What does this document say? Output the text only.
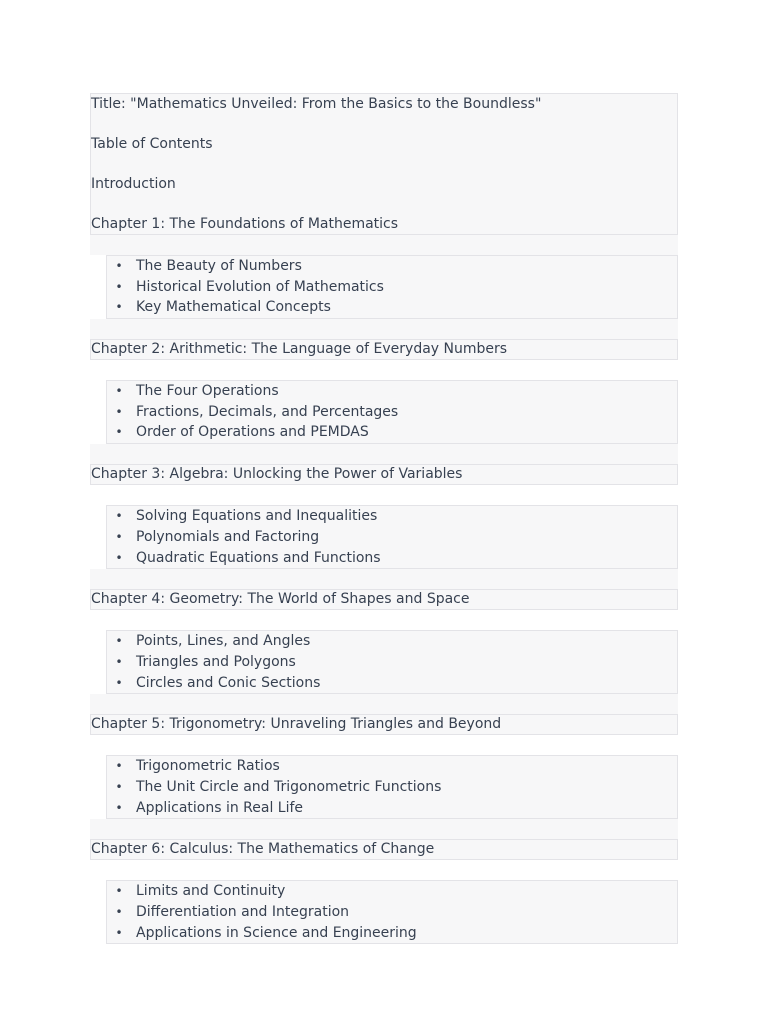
Title: "Mathematics Unveiled: From the Basics to the Boundless"

Table of Contents

Introduction

Chapter 1: The Foundations of Mathematics

• The Beauty of Numbers
• Historical Evolution of Mathematics
• Key Mathematical Concepts
Chapter 2: Arithmetic: The Language of Everyday Numbers
• The Four Operations
• Fractions, Decimals, and Percentages
• Order of Operations and PEMDAS
Chapter 3: Algebra: Unlocking the Power of Variables
• Solving Equations and Inequalities
• Polynomials and Factoring
• Quadratic Equations and Functions
Chapter 4: Geometry: The World of Shapes and Space
• Points, Lines, and Angles
• Triangles and Polygons
• Circles and Conic Sections
Chapter 5: Trigonometry: Unraveling Triangles and Beyond
• Trigonometric Ratios
• The Unit Circle and Trigonometric Functions
• Applications in Real Life
Chapter 6: Calculus: The Mathematics of Change
• Limits and Continuity
• Differentiation and Integration
• Applications in Science and Engineering
